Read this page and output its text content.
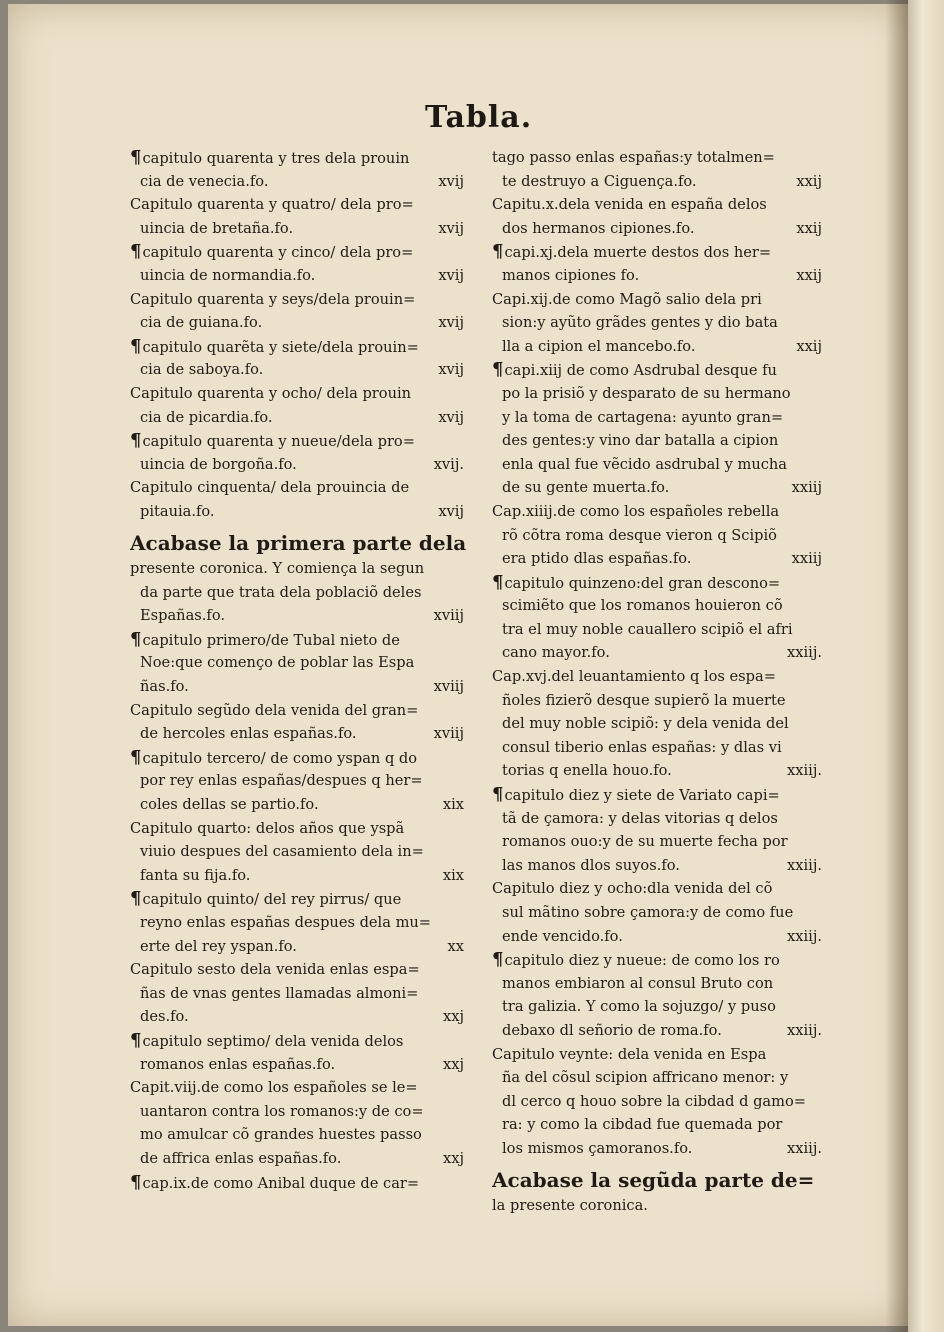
Tabla.
¶capitulo quarenta y tres dela prouin
cia de venecia.fo.	xvij
Capitulo quarenta y quatro/ dela pro=
uincia de bretaña.fo.	xvij
¶capitulo quarenta y cinco/ dela pro=
uincia de normandia.fo.	xvij
Capitulo quarenta y seys/dela prouin=
cia de guiana.fo.	xvij
¶capitulo quarẽta y siete/dela prouin=
cia de saboya.fo.	xvij
Capitulo quarenta y ocho/ dela prouin
cia de picardia.fo.	xvij
¶capitulo quarenta y nueue/dela pro=
uincia de borgoña.fo.	xvij.
Capitulo cinquenta/ dela prouincia de
pitauia.fo.	xvij
Acabase la primera parte dela
presente coronica. Y comiença la segun
da parte que trata dela poblaciõ deles
Españas.fo.	xviij
¶capitulo primero/de Tubal nieto de
Noe:que començo de poblar las Espa
ñas.fo.	xviij
Capitulo segũdo dela venida del gran=
de hercoles enlas españas.fo.	xviij
¶capitulo tercero/ de como yspan q do
por rey enlas españas/despues q her=
coles dellas se partio.fo.	xix
Capitulo quarto: delos años que yspã
viuio despues del casamiento dela in=
fanta su fija.fo.	xix
¶capitulo quinto/ del rey pirrus/ que
reyno enlas españas despues dela mu=
erte del rey yspan.fo.	xx
Capitulo sesto dela venida enlas espa=
ñas de vnas gentes llamadas almoni=
des.fo.	xxj
¶capitulo septimo/ dela venida delos
romanos enlas españas.fo.	xxj
Capit.viij.de como los españoles se le=
uantaron contra los romanos:y de co=
mo amulcar cõ grandes huestes passo
de affrica enlas españas.fo.	xxj
¶cap.ix.de como Anibal duque de car=
tago passo enlas españas:y totalmen=
te destruyo a Ciguença.fo.	xxij
Capitu.x.dela venida en españa delos
dos hermanos cipiones.fo.	xxij
¶capi.xj.dela muerte destos dos her=
manos cipiones fo.	xxij
Capi.xij.de como Magõ salio dela pri
sion:y ayũto grãdes gentes y dio bata
lla a cipion el mancebo.fo.	xxij
¶capi.xiij de como Asdrubal desque fu
po la prisiõ y desparato de su hermano
y la toma de cartagena: ayunto gran=
des gentes:y vino dar batalla a cipion
enla qual fue vẽcido asdrubal y mucha
de su gente muerta.fo.	xxiij
Cap.xiiij.de como los españoles rebella
rõ cõtra roma desque vieron q Scipiõ
era ptido dlas españas.fo.	xxiij
¶capitulo quinzeno:del gran descono=
scimiẽto que los romanos houieron cõ
tra el muy noble cauallero scipiõ el afri
cano mayor.fo.	xxiij.
Cap.xvj.del leuantamiento q los espa=
ñoles fizierõ desque supierõ la muerte
del muy noble scipiõ: y dela venida del
consul tiberio enlas españas: y dlas vi
torias q enella houo.fo.	xxiij.
¶capitulo diez y siete de Variato capi=
tã de çamora: y delas vitorias q delos
romanos ouo:y de su muerte fecha por
las manos dlos suyos.fo.	xxiij.
Capitulo diez y ocho:dla venida del cõ
sul mãtino sobre çamora:y de como fue
ende vencido.fo.	xxiij.
¶capitulo diez y nueue: de como los ro
manos embiaron al consul Bruto con
tra galizia. Y como la sojuzgo/ y puso
debaxo dl señorio de roma.fo.	xxiij.
Capitulo veynte: dela venida en Espa
ña del cõsul scipion affricano menor: y
dl cerco q houo sobre la cibdad d gamo=
ra: y como la cibdad fue quemada por
los mismos çamoranos.fo.	xxiij.
Acabase la segũda parte de=
la presente coronica.
